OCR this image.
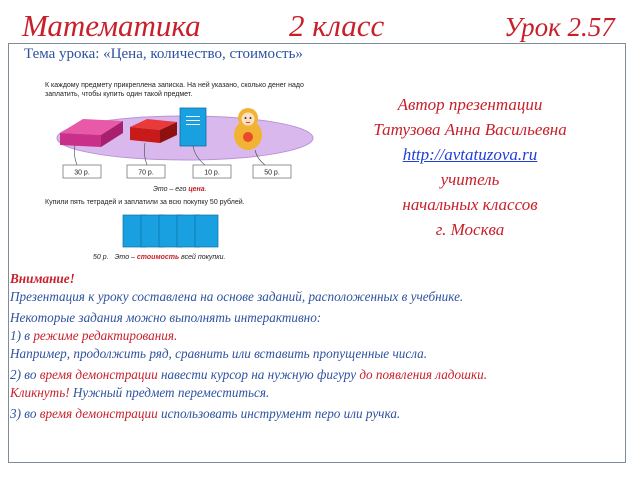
Математика	2 класс	Урок 2.57
Тема урока: «Цена, количество, стоимость»
К каждому предмету прикреплена записка. На ней указано, сколько денег надо
заплатить, чтобы купить один такой предмет.
30 р.	70 р.	10 р.	50 р.
Это – его цена.
Купили пять тетрадей и заплатили за всю покупку 50 рублей.
50 р. Это – стоимость всей покупки.
Автор презентации
Татузова Анна Васильевна
http://avtatuzova.ru
учитель
начальных классов
г. Москва

Внимание!
Презентация к уроку составлена на основе заданий, расположенных в учебнике.

Некоторые задания можно выполнять интерактивно:
1) в режиме редактирования.
Например, продолжить ряд, сравнить или вставить пропущенные числа.

2) во время демонстрации навести курсор на нужную фигуру до появления ладошки.
Кликнуть! Нужный предмет переместиться.

3) во время демонстрации использовать инструмент перо или ручка.
